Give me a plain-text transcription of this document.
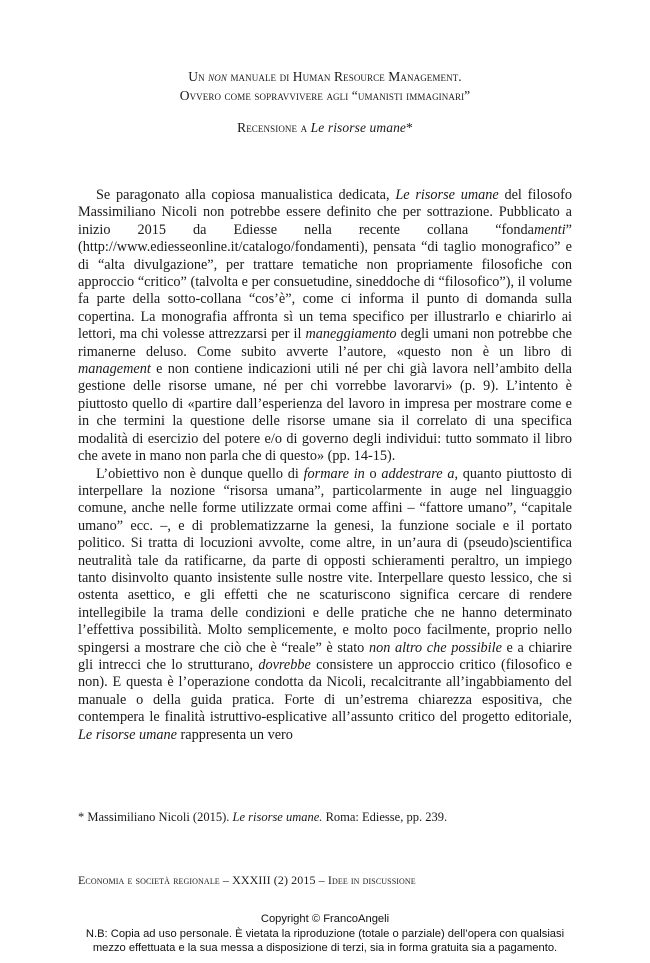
Un non manuale di Human Resource Management.
Ovvero come sopravvivere agli “umanisti immaginari”
Recensione a Le risorse umane*

Se paragonato alla copiosa manualistica dedicata, Le risorse umane del filosofo Massimiliano Nicoli non potrebbe essere definito che per sottrazione. Pubblicato a inizio 2015 da Ediesse nella recente collana “fondamenti” (http://www.ediesseonline.it/catalogo/fondamenti), pensata “di taglio monografico” e di “alta divulgazione”, per trattare tematiche non propriamente filosofiche con approccio “critico” (talvolta e per consuetudine, sineddoche di “filosofico”), il volume fa parte della sotto-collana “cos’è”, come ci informa il punto di domanda sulla copertina. La monografia affronta sì un tema specifico per illustrarlo e chiarirlo ai lettori, ma chi volesse attrezzarsi per il maneggiamento degli umani non potrebbe che rimanerne deluso. Come subito avverte l’autore, «questo non è un libro di management e non contiene indicazioni utili né per chi già lavora nell’ambito della gestione delle risorse umane, né per chi vorrebbe lavorarvi» (p. 9). L’intento è piuttosto quello di «partire dall’esperienza del lavoro in impresa per mostrare come e in che termini la questione delle risorse umane sia il correlato di una specifica modalità di esercizio del potere e/o di governo degli individui: tutto sommato il libro che avete in mano non parla che di questo» (pp. 14-15).

L’obiettivo non è dunque quello di formare in o addestrare a, quanto piuttosto di interpellare la nozione “risorsa umana”, particolarmente in auge nel linguaggio comune, anche nelle forme utilizzate ormai come affini – “fattore umano”, “capitale umano” ecc. –, e di problematizzarne la genesi, la funzione sociale e il portato politico. Si tratta di locuzioni avvolte, come altre, in un’aura di (pseudo)scientifica neutralità tale da ratificarne, da parte di opposti schieramenti peraltro, un impiego tanto disinvolto quanto insistente sulle nostre vite. Interpellare questo lessico, che si ostenta asettico, e gli effetti che ne scaturiscono significa cercare di rendere intellegibile la trama delle condizioni e delle pratiche che ne hanno determinato l’effettiva possibilità. Molto semplicemente, e molto poco facilmente, proprio nello spingersi a mostrare che ciò che è “reale” è stato non altro che possibile e a chiarire gli intrecci che lo strutturano, dovrebbe consistere un approccio critico (filosofico e non). E questa è l’operazione condotta da Nicoli, recalcitrante all’ingabbiamento del manuale o della guida pratica. Forte di un’estrema chiarezza espositiva, che contempera le finalità istruttivo-esplicative all’assunto critico del progetto editoriale, Le risorse umane rappresenta un vero

* Massimiliano Nicoli (2015). Le risorse umane. Roma: Ediesse, pp. 239.
Economia e società regionale – XXXIII (2) 2015 – Idee in discussione
Copyright © FrancoAngeli
N.B: Copia ad uso personale. È vietata la riproduzione (totale o parziale) dell’opera con qualsiasi
mezzo effettuata e la sua messa a disposizione di terzi, sia in forma gratuita sia a pagamento.
